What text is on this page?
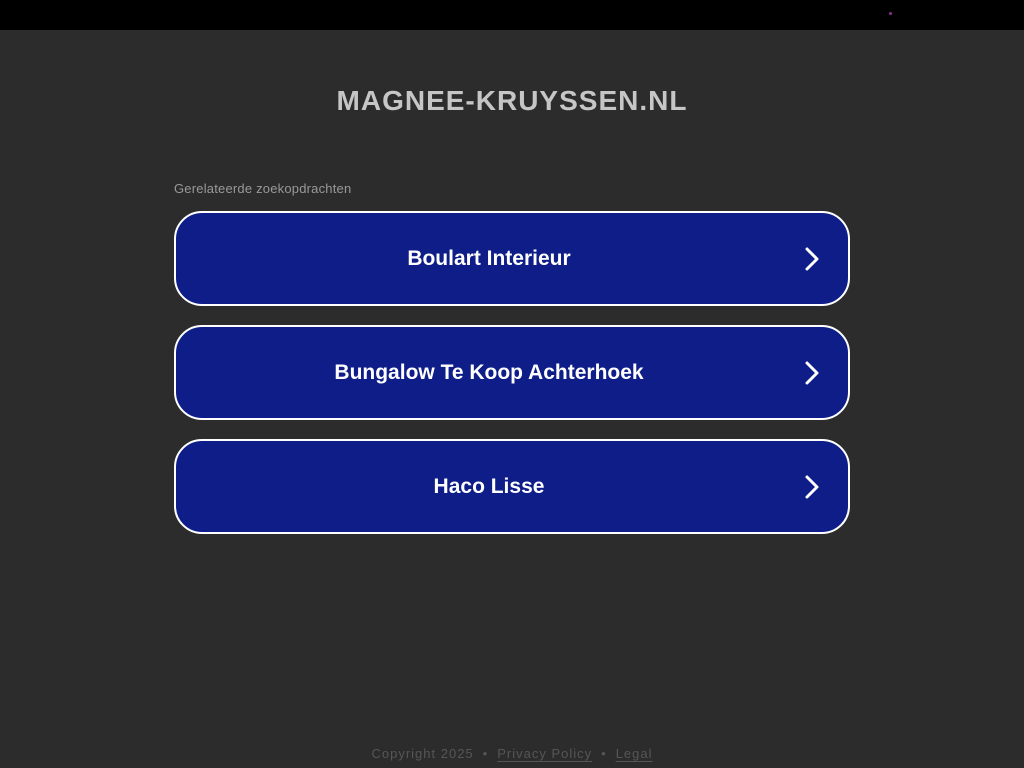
MAGNEE-KRUYSSEN.NL
Gerelateerde zoekopdrachten
Boulart Interieur
Bungalow Te Koop Achterhoek
Haco Lisse
Copyright 2025 • Privacy Policy • Legal
